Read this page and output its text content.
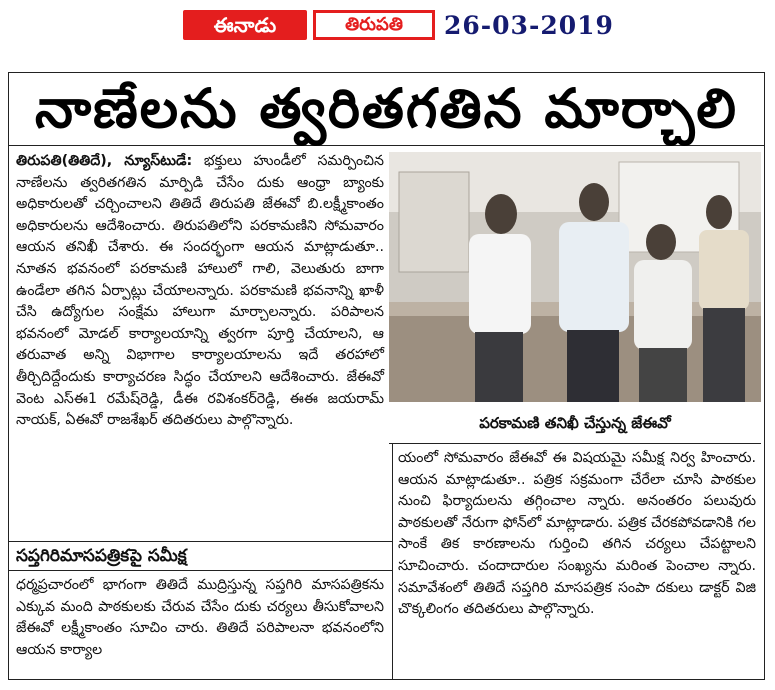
ఈనాడు	తిరుపతి	26-03-2019
నాణేలను త్వరితగతిన మార్చాలి

తిరుపతి(తితిదే), న్యూస్‌టుడే: భక్తులు హుండీలో సమర్పించిన నాణేలను త్వరితగతిన మార్పిడి చేసేం దుకు ఆంధ్రా బ్యాంకు అధికారులతో చర్చించాలని తితిదే తిరుపతి జేఈవో బి.లక్ష్మీకాంతం అధికారులను ఆదేశించారు. తిరుపతిలోని పరకామణిని సోమవారం ఆయన తనిఖీ చేశారు. ఈ సందర్భంగా ఆయన మాట్లాడుతూ.. నూతన భవనంలో పరకామణి హాలులో గాలి, వెలుతురు బాగా ఉండేలా తగిన ఏర్పాట్లు చేయాలన్నారు. పరకామణి భవనాన్ని ఖాళీ చేసి ఉద్యోగుల సంక్షేమ హాలుగా మార్చాలన్నారు. పరిపాలన భవనంలో మోడల్ కార్యాలయాన్ని త్వరగా పూర్తి చేయాలని, ఆ తరువాత అన్ని విభాగాల కార్యాలయాలను ఇదే తరహాలో తీర్చిదిద్దేందుకు కార్యాచరణ సిద్ధం చేయాలని ఆదేశించారు. జేఈవో వెంట ఎస్‌ఈ1 రమేష్‌రెడ్డి, డీఈ రవిశంకర్‌రెడ్డి, ఈఈ జయరామ్ నాయక్, ఏఈవో రాజశేఖర్ తదితరులు పాల్గొన్నారు.	పరకామణి తనిఖీ చేస్తున్న జేఈవో
సప్తగిరిమాసపత్రికపై సమీక్ష

ధర్మప్రచారంలో భాగంగా తితిదే ముద్రిస్తున్న సప్తగిరి మాసపత్రికను ఎక్కువ మంది పాఠకులకు చేరువ చేసేం దుకు చర్యలు తీసుకోవాలని జేఈవో లక్ష్మీకాంతం సూచిం చారు. తితిదే పరిపాలనా భవనంలోని ఆయన కార్యాల

యంలో సోమవారం జేఈవో ఈ విషయమై సమీక్ష నిర్వ హించారు. ఆయన మాట్లాడుతూ.. పత్రిక సక్రమంగా చేరేలా చూసి పాఠకుల నుంచి ఫిర్యాదులను తగ్గించాల న్నారు. అనంతరం పలువురు పాఠకులతో నేరుగా ఫోన్‌లో మాట్లాడారు. పత్రిక చేరకపోవడానికి గల సాంకే తిక కారణాలను గుర్తించి తగిన చర్యలు చేపట్టాలని సూచించారు. చందాదారుల సంఖ్యను మరింత పెంచాల న్నారు. సమావేశంలో తితిదే సప్తగిరి మాసపత్రిక సంపా దకులు డాక్టర్ విజి చొక్కలింగం తదితరులు పాల్గొన్నారు.
